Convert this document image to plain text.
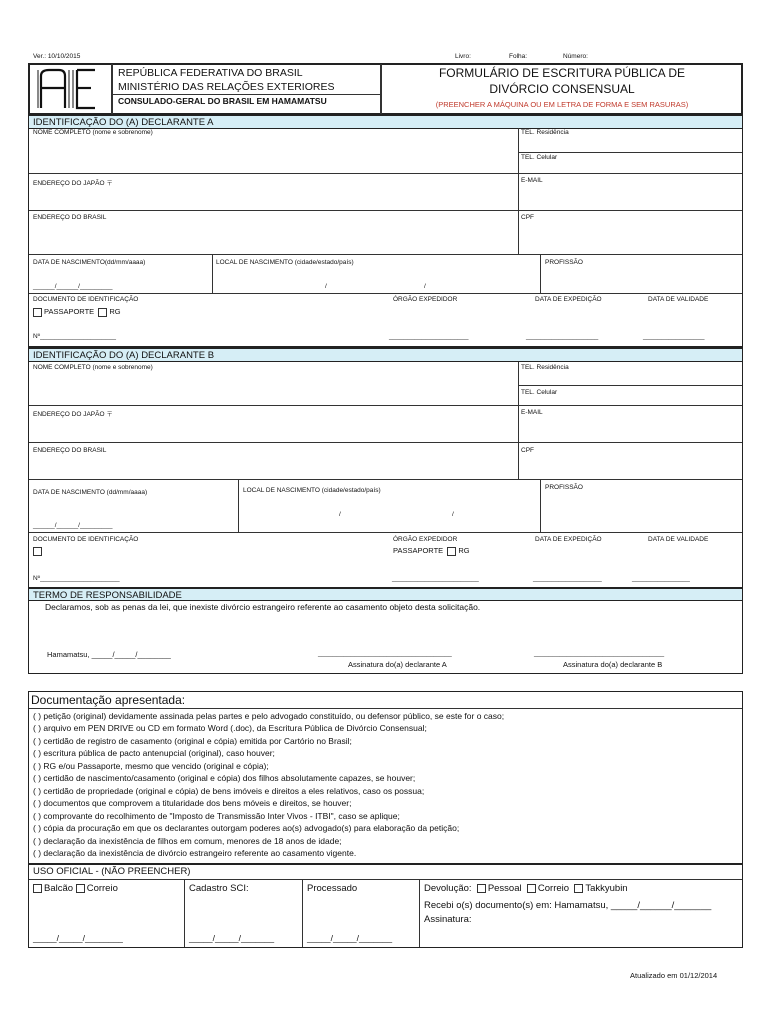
Ver.: 10/10/2015	Livro:	Folha:	Número:
REPÚBLICA FEDERATIVA DO BRASIL
MINISTÉRIO DAS RELAÇÕES EXTERIORES
CONSULADO-GERAL DO BRASIL EM HAMAMATSU
FORMULÁRIO DE ESCRITURA PÚBLICA DE
DIVÓRCIO CONSENSUAL
(PREENCHER A MÁQUINA OU EM LETRA DE FORMA E SEM RASURAS)
IDENTIFICAÇÃO DO (A) DECLARANTE A
NOME COMPLETO (nome e sobrenome)	TEL. Residência
TEL. Celular
ENDEREÇO DO JAPÃO 〒	E-MAIL
ENDEREÇO DO BRASIL	CPF
DATA DE NASCIMENTO(dd/mm/aaaa)	LOCAL DE NASCIMENTO (cidade/estado/país)	PROFISSÃO
______/______/_________	/	/
DOCUMENTO DE IDENTIFICAÇÃO	ÓRGÃO EXPEDIDOR	DATA DE EXPEDIÇÃO	DATA DE VALIDADE
PASSAPORTE RG
Nº_____________________	______________________	____________________	_________________
IDENTIFICAÇÃO DO (A) DECLARANTE B
NOME COMPLETO (nome e sobrenome)	TEL. Residência
TEL. Celular
ENDEREÇO DO JAPÃO 〒	E-MAIL
ENDEREÇO DO BRASIL	CPF
DATA DE NASCIMENTO (dd/mm/aaaa)	LOCAL DE NASCIMENTO (cidade/estado/país)	PROFISSÃO
/	/
______/______/_________
DOCUMENTO DE IDENTIFICAÇÃO	ÓRGÃO EXPEDIDOR	DATA DE EXPEDIÇÃO	DATA DE VALIDADE
PASSAPORTE RG
Nº______________________	________________________	___________________	________________
TERMO DE RESPONSABILIDADE
Declaramos, sob as penas da lei, que inexiste divórcio estrangeiro referente ao casamento objeto desta solicitação.
Hamamatsu, _____/_____/________	_____________________________________	____________________________________
Assinatura do(a) declarante A	Assinatura do(a) declarante B
Documentação apresentada:
( ) petição (original) devidamente assinada pelas partes e pelo advogado constituído, ou defensor público, se este for o caso;
( ) arquivo em PEN DRIVE ou CD em formato Word (.doc), da Escritura Pública de Divórcio Consensual;
( ) certidão de registro de casamento (original e cópia) emitida por Cartório no Brasil;
( ) escritura pública de pacto antenupcial (original), caso houver;
( ) RG e/ou Passaporte, mesmo que vencido (original e cópia);
( ) certidão de nascimento/casamento (original e cópia) dos filhos absolutamente capazes, se houver;
( ) certidão de propriedade (original e cópia) de bens imóveis e direitos a eles relativos, caso os possua;
( ) documentos que comprovem a titularidade dos bens móveis e direitos, se houver;
( ) comprovante do recolhimento de "Imposto de Transmissão Inter Vivos - ITBI", caso se aplique;
( ) cópia da procuração em que os declarantes outorgam poderes ao(s) advogado(s) para elaboração da petição;
( ) declaração da inexistência de filhos em comum, menores de 18 anos de idade;
( ) declaração da inexistência de divórcio estrangeiro referente ao casamento vigente.
USO OFICIAL - (NÃO PREENCHER)
Balcão Correio	Cadastro SCI:	Processado	Devolução: Pessoal Correio Takkyubin
Recebi o(s) documento(s) em: Hamamatsu, _____/______/_______
Assinatura:
_____/_____/________	_____/_____/_______	_____/_____/_______
Atualizado em 01/12/2014
